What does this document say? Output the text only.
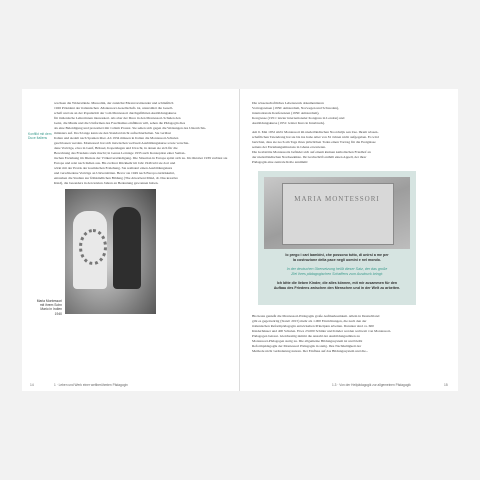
Konflikt mit dem Duce Italiens

wachsen die Widerstände. Mussolini, der zunächst Ehrenvorsitzender und schließlich

1926 Präsident der italienischen ›Montessori-Gesellschaft‹ ist, unterstützt die Gesell-

schaft und sie an der Popularität der vom Montessori durchgeführten Ausbildungskurse

für italienische Lehrerinnen interessiert. Als aber der Duce in den Montessori-Schulen den

Geist, die Musik und die Uniformen des Faschismus einführen will, sehen die Pädagogin dies

als eine Beleidigung und protestiert mit vollem Protest. Sie sehen sich gegen die Weisungen des Unterrichts-

ministers auf. Doch lange kann sie den Standard nicht aufrechterhalten. Sie verlässt

Italien und siedelt nach Spanien über. Ab 1934 müssen in Italien die Montessori-Schulen

geschlossen werden. Montessori hat sich inzwischen weltweit Ausbildungskurse sowie verschie-

dene Vorträge, etwa in Genf, Brüssel, Kopenhagen und Utrecht, in denen sie sich für die

Bewahrung des Friedens stark macht; in Genua Lerntage 1933 auch Konzeption einer Seman-

tischen Erziehung im Dienste der Völkerverständigung. Die Situation in Europa spitzt sich zu. Im Oktober 1939 verlässt sie

Europa und reist nach Indien aus. Bis zu ihrer Rückkehr im Jahr 1946 lebt sie dort und

wirkt mit der Praxis der kosmischen Erziehung. Sie realisiert einen Ausbildungskurs

und verschiedene Vorträge an Universitäten. Bevor sie 1949 nach Europa zurückkehrt,

entstehen die Studien zur frühkindlichen Bildung (The Absorbent Mind, dt. Das kreative

Kind), die besonders in den letzten Jahren an Bedeutung gewonnen haben.

Maria Montessori mit ihrem Sohn Mario in Indien 1940

14	1 · Leben und Werk einer weltberühmten Pädagogin

Die wissenschaftliches Lebenswerk dokumentieren

Vortragsreisen (1950: Amsterdam, Norwegen und Schweden),

internationale Konferenzen (1950: Amsterdam),

Kongresse (1951: letzter internationaler Kongress in London) und

Ausbildungskurse (1951: letzter Kurs in Innsbruck).

Am 6. Mai 1952 stirbt Montessori im niederländischen Noordwijk aan Zee. Ihrem wissen-

schaftlichen Tatendrang hat sie bis ins hohe Alter von 81 Jahren nicht aufgegeben. Es wird

berichtet, dass sie noch am Tage ihres plötzlichen Todes einen Vortrag für die Ereignisse

seitens der Erziehungsmissions in Ghana erwarteten.

Die Grabstätte Montessoris befindet sich auf einem kleinen katholischen Friedhof an

der niederländischen Nordseeküste. Ihr Grabschrift enthält einen Appell, der ihrer

Pädagogik eine zentrale Rolle annimmt:

MARIA MONTESSORI

Io prego i cari bambini, che possono tutto, di unirsi a me per

la costruzione della pace negli uomini e nel mondo.

In der deutschen Übersetzung heißt dieser Satz, der das große

Ziel ihres pädagogischen Schaffens zum Ausdruck bringt:

Ich bitte die lieben Kinder, die alles können, mit mir zusammen für den

Aufbau des Friedens zwischen den Menschen und in der Welt zu arbeiten.

Bis heute genießt die Montessori-Pädagogik große Aufmerksamkeit. Allein in Deutschland

gibt es gegenwärtig (Stand: 2015) mehr als 1.000 Einrichtungen, die nach den der

italienischen Reformpädagogin entwickelten Prinzipien arbeiten. Darunter sind ca. 600

Kinderhäuser und 400 Schulen. Etwa 23.000 Schüler und Kinder werden weltweit von Montessori-

Pädagogen betreut. Gleichzeitig nimmt die Anzahl der Ausbildungsstätten zu

Montessori-Pädagogen stetig zu. Die allgemeine Bildungssystem ist und bleibt

Reformpädagogik der Montessori Pädagogik in stetig. Ihre Nachhaltigkeit der

Methode nicht veränderung nutzen. Der Einfluss auf das Bildungssystem und die...

1.3 · Von der Heilpädagogik zur allgemeinen Pädagogik	15
